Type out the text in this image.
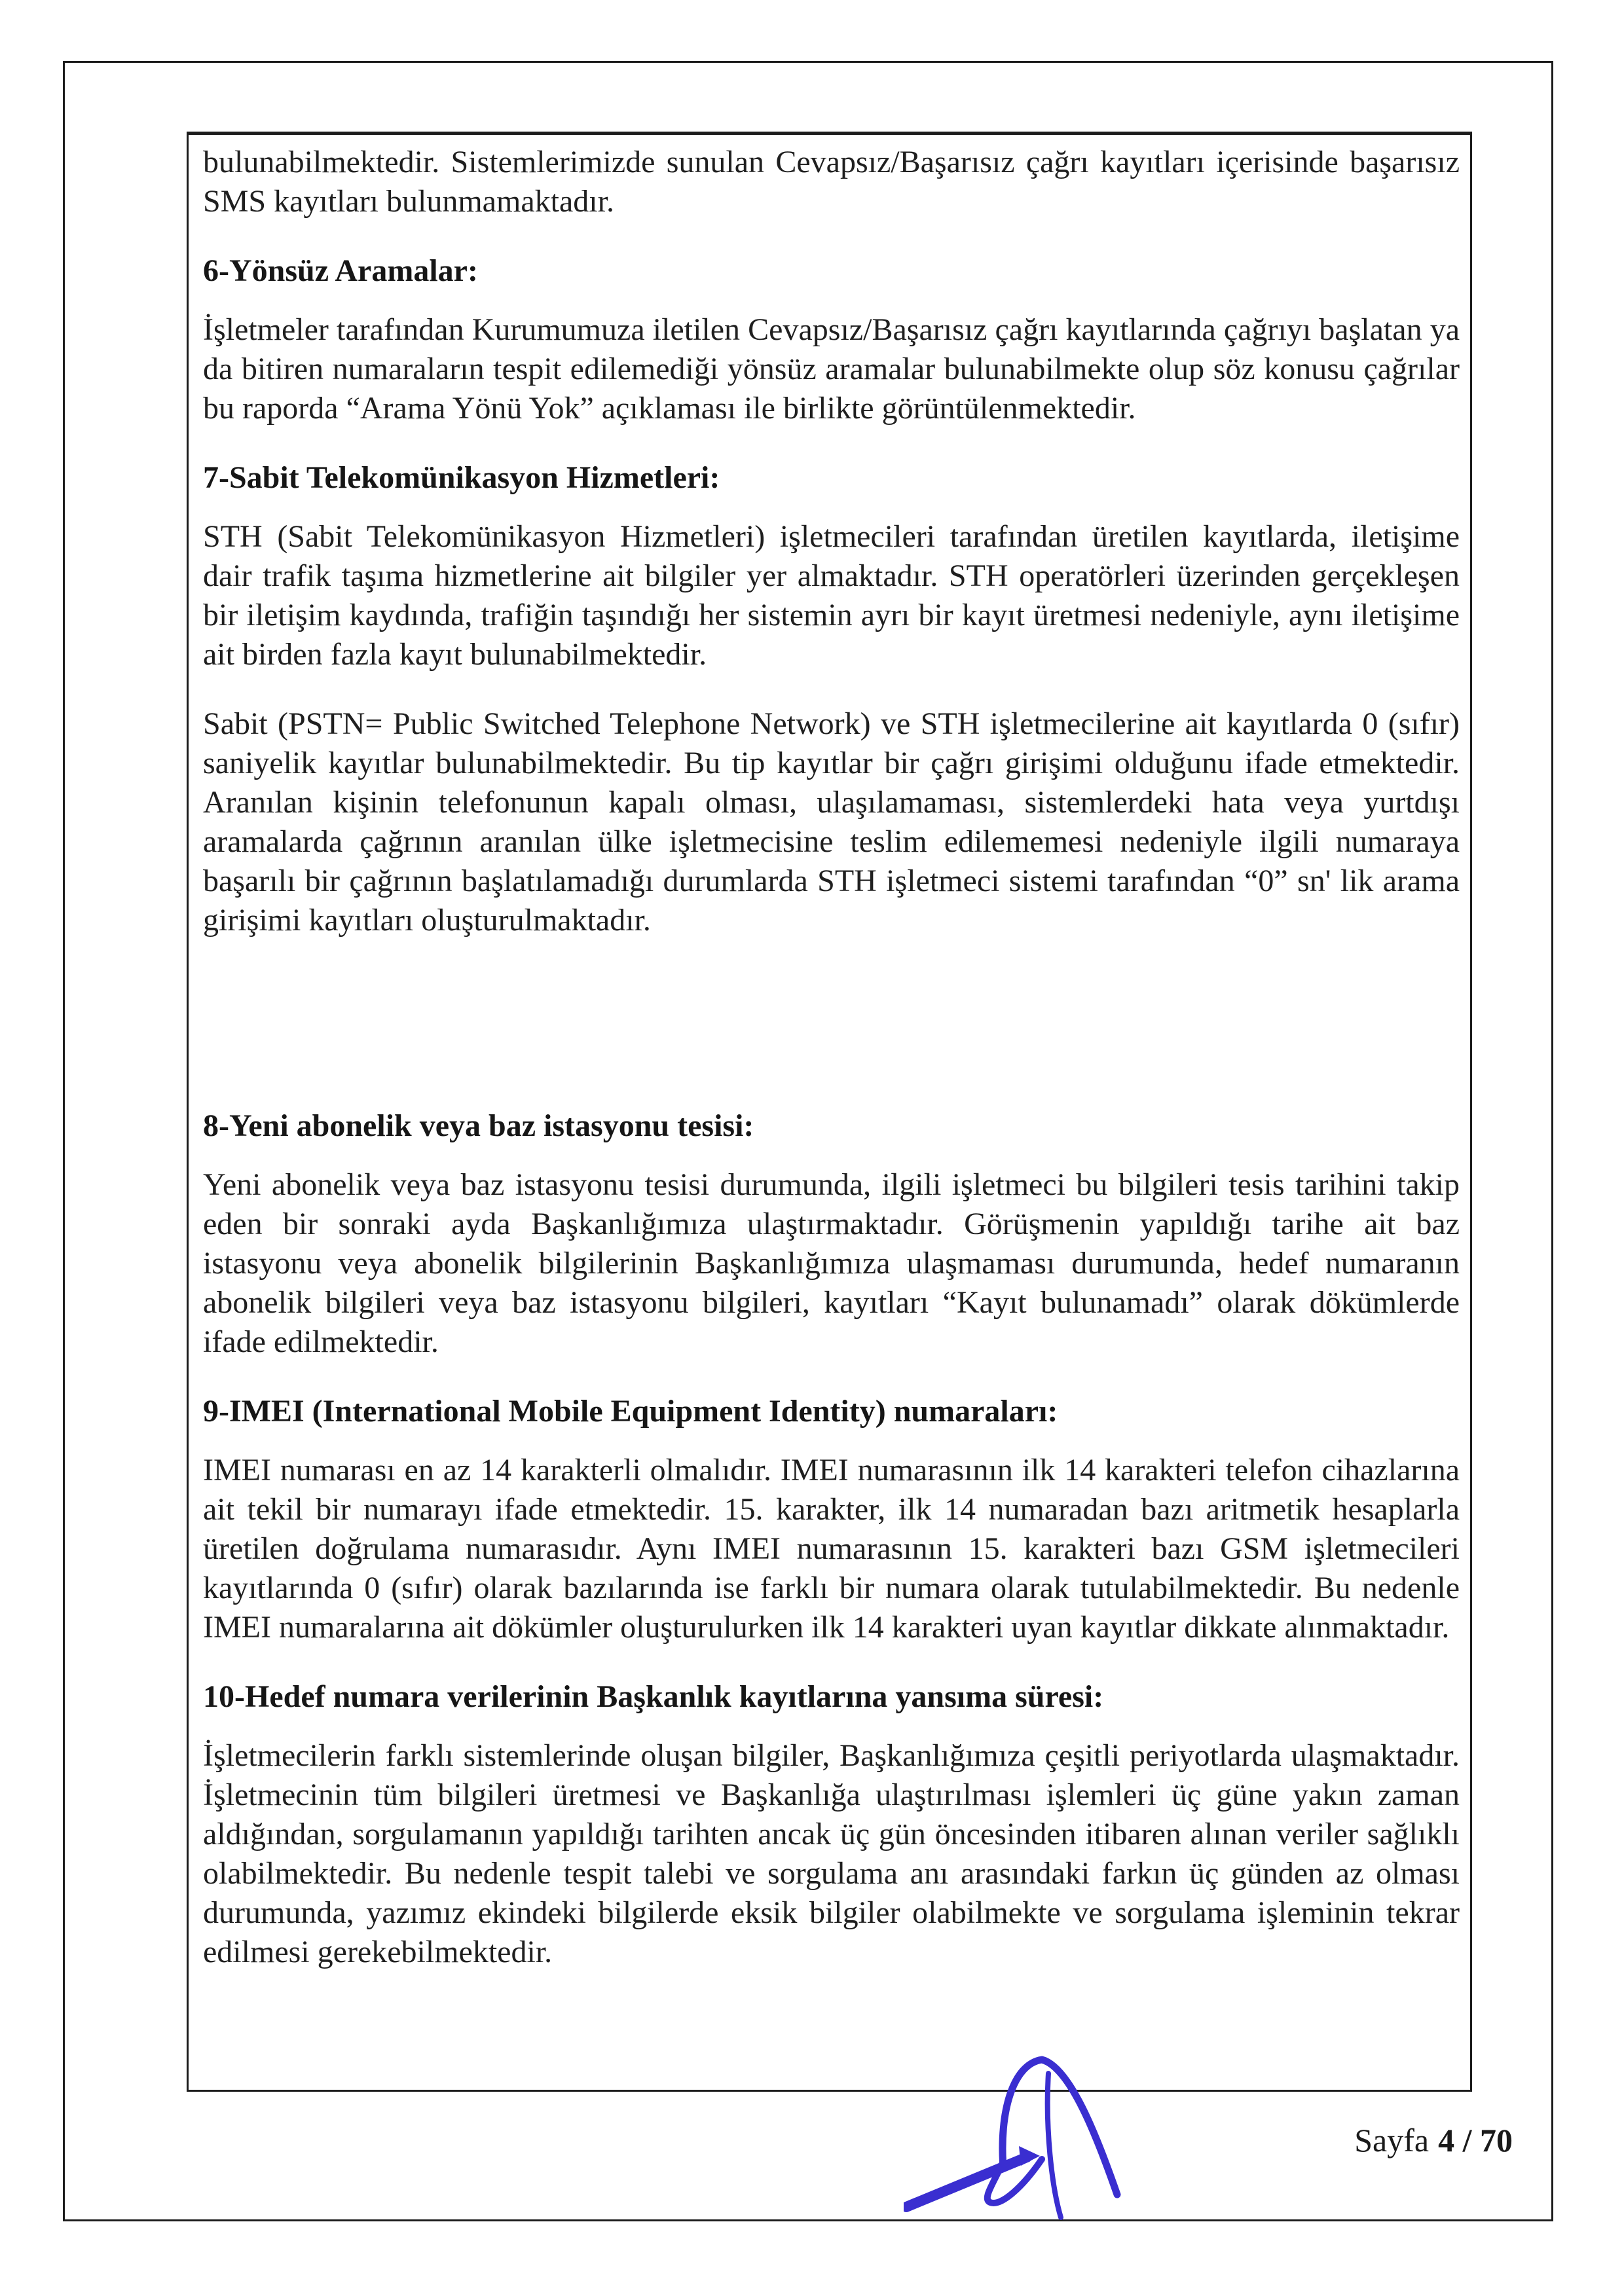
bulunabilmektedir. Sistemlerimizde sunulan Cevapsız/Başarısız çağrı kayıtları içerisinde başarısız SMS kayıtları bulunmamaktadır.

6-Yönsüz Aramalar:

İşletmeler tarafından Kurumumuza iletilen Cevapsız/Başarısız çağrı kayıtlarında çağrıyı başlatan ya da bitiren numaraların tespit edilemediği yönsüz aramalar bulunabilmekte olup söz konusu çağrılar bu raporda “Arama Yönü Yok” açıklaması ile birlikte görüntülenmektedir.

7-Sabit Telekomünikasyon Hizmetleri:

STH (Sabit Telekomünikasyon Hizmetleri) işletmecileri tarafından üretilen kayıtlarda, iletişime dair trafik taşıma hizmetlerine ait bilgiler yer almaktadır. STH operatörleri üzerinden gerçekleşen bir iletişim kaydında, trafiğin taşındığı her sistemin ayrı bir kayıt üretmesi nedeniyle, aynı iletişime ait birden fazla kayıt bulunabilmektedir.

Sabit (PSTN= Public Switched Telephone Network) ve STH işletmecilerine ait kayıtlarda 0 (sıfır) saniyelik kayıtlar bulunabilmektedir. Bu tip kayıtlar bir çağrı girişimi olduğunu ifade etmektedir. Aranılan kişinin telefonunun kapalı olması, ulaşılamaması, sistemlerdeki hata veya yurtdışı aramalarda çağrının aranılan ülke işletmecisine teslim edilememesi nedeniyle ilgili numaraya başarılı bir çağrının başlatılamadığı durumlarda STH işletmeci sistemi tarafından “0” sn' lik arama girişimi kayıtları oluşturulmaktadır.

8-Yeni abonelik veya baz istasyonu tesisi:

Yeni abonelik veya baz istasyonu tesisi durumunda, ilgili işletmeci bu bilgileri tesis tarihini takip eden bir sonraki ayda Başkanlığımıza ulaştırmaktadır. Görüşmenin yapıldığı tarihe ait baz istasyonu veya abonelik bilgilerinin Başkanlığımıza ulaşmaması durumunda, hedef numaranın abonelik bilgileri veya baz istasyonu bilgileri, kayıtları “Kayıt bulunamadı” olarak dökümlerde ifade edilmektedir.

9-IMEI (International Mobile Equipment Identity) numaraları:

IMEI numarası en az 14 karakterli olmalıdır. IMEI numarasının ilk 14 karakteri telefon cihazlarına ait tekil bir numarayı ifade etmektedir. 15. karakter, ilk 14 numaradan bazı aritmetik hesaplarla üretilen doğrulama numarasıdır. Aynı IMEI numarasının 15. karakteri bazı GSM işletmecileri kayıtlarında 0 (sıfır) olarak bazılarında ise farklı bir numara olarak tutulabilmektedir. Bu nedenle IMEI numaralarına ait dökümler oluşturulurken ilk 14 karakteri uyan kayıtlar dikkate alınmaktadır.

10-Hedef numara verilerinin Başkanlık kayıtlarına yansıma süresi:

İşletmecilerin farklı sistemlerinde oluşan bilgiler, Başkanlığımıza çeşitli periyotlarda ulaşmaktadır. İşletmecinin tüm bilgileri üretmesi ve Başkanlığa ulaştırılması işlemleri üç güne yakın zaman aldığından, sorgulamanın yapıldığı tarihten ancak üç gün öncesinden itibaren alınan veriler sağlıklı olabilmektedir. Bu nedenle tespit talebi ve sorgulama anı arasındaki farkın üç günden az olması durumunda, yazımız ekindeki bilgilerde eksik bilgiler olabilmekte ve sorgulama işleminin tekrar edilmesi gerekebilmektedir.

Sayfa 4 / 70
